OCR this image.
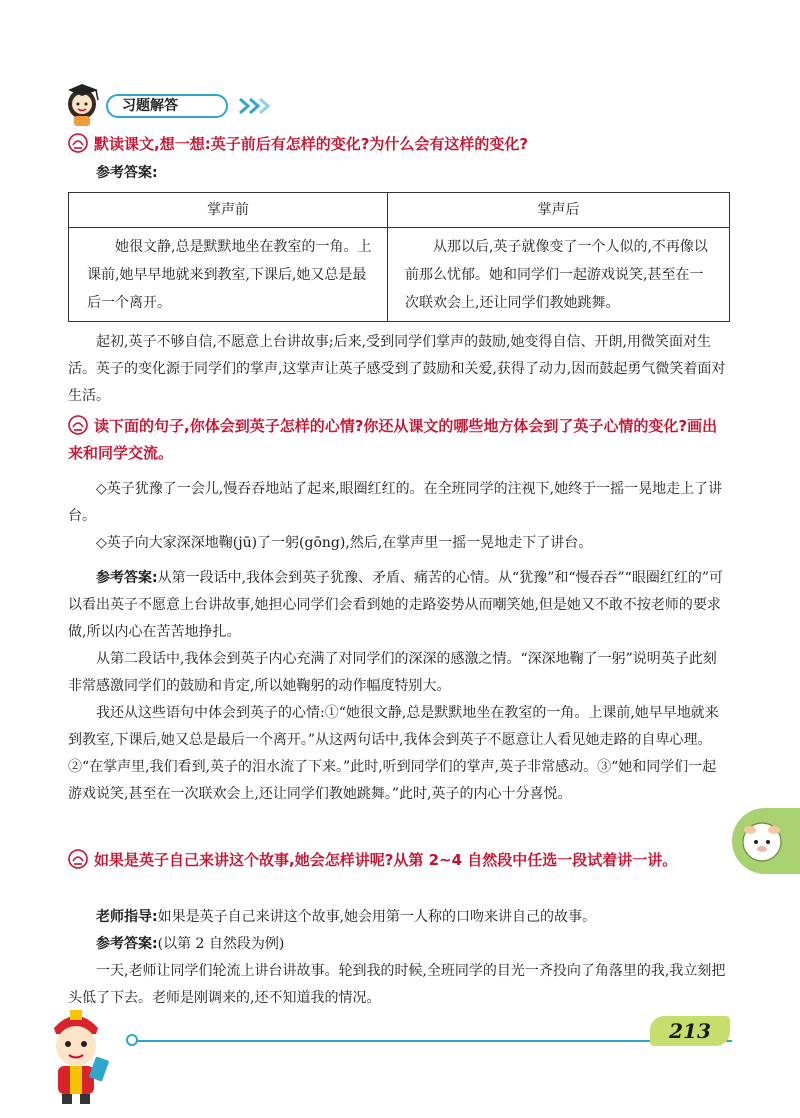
习题解答
默读课文,想一想:英子前后有怎样的变化?为什么会有这样的变化?
参考答案:
掌声前	掌声后
她很文静,总是默默地坐在教室的一角。上课前,她早早地就来到教室,下课后,她又总是最后一个离开。
从那以后,英子就像变了一个人似的,不再像以前那么忧郁。她和同学们一起游戏说笑,甚至在一次联欢会上,还让同学们教她跳舞。

起初,英子不够自信,不愿意上台讲故事;后来,受到同学们掌声的鼓励,她变得自信、开朗,用微笑面对生活。英子的变化源于同学们的掌声,这掌声让英子感受到了鼓励和关爱,获得了动力,因而鼓起勇气微笑着面对生活。

读下面的句子,你体会到英子怎样的心情?你还从课文的哪些地方体会到了英子心情的变化?画出来和同学交流。

◇英子犹豫了一会儿,慢吞吞地站了起来,眼圈红红的。在全班同学的注视下,她终于一摇一晃地走上了讲台。

◇英子向大家深深地鞠(jū)了一躬(gōng),然后,在掌声里一摇一晃地走下了讲台。

参考答案:从第一段话中,我体会到英子犹豫、矛盾、痛苦的心情。从“犹豫”和“慢吞吞”“眼圈红红的”可以看出英子不愿意上台讲故事,她担心同学们会看到她的走路姿势从而嘲笑她,但是她又不敢不按老师的要求做,所以内心在苦苦地挣扎。

从第二段话中,我体会到英子内心充满了对同学们的深深的感激之情。“深深地鞠了一躬”说明英子此刻非常感激同学们的鼓励和肯定,所以她鞠躬的动作幅度特别大。

我还从这些语句中体会到英子的心情:①“她很文静,总是默默地坐在教室的一角。上课前,她早早地就来到教室,下课后,她又总是最后一个离开。”从这两句话中,我体会到英子不愿意让人看见她走路的自卑心理。②“在掌声里,我们看到,英子的泪水流了下来。”此时,听到同学们的掌声,英子非常感动。③“她和同学们一起游戏说笑,甚至在一次联欢会上,还让同学们教她跳舞。”此时,英子的内心十分喜悦。

如果是英子自己来讲这个故事,她会怎样讲呢?从第 2~4 自然段中任选一段试着讲一讲。

老师指导:如果是英子自己来讲这个故事,她会用第一人称的口吻来讲自己的故事。

参考答案:(以第 2 自然段为例)

一天,老师让同学们轮流上讲台讲故事。轮到我的时候,全班同学的目光一齐投向了角落里的我,我立刻把头低了下去。老师是刚调来的,还不知道我的情况。

213
